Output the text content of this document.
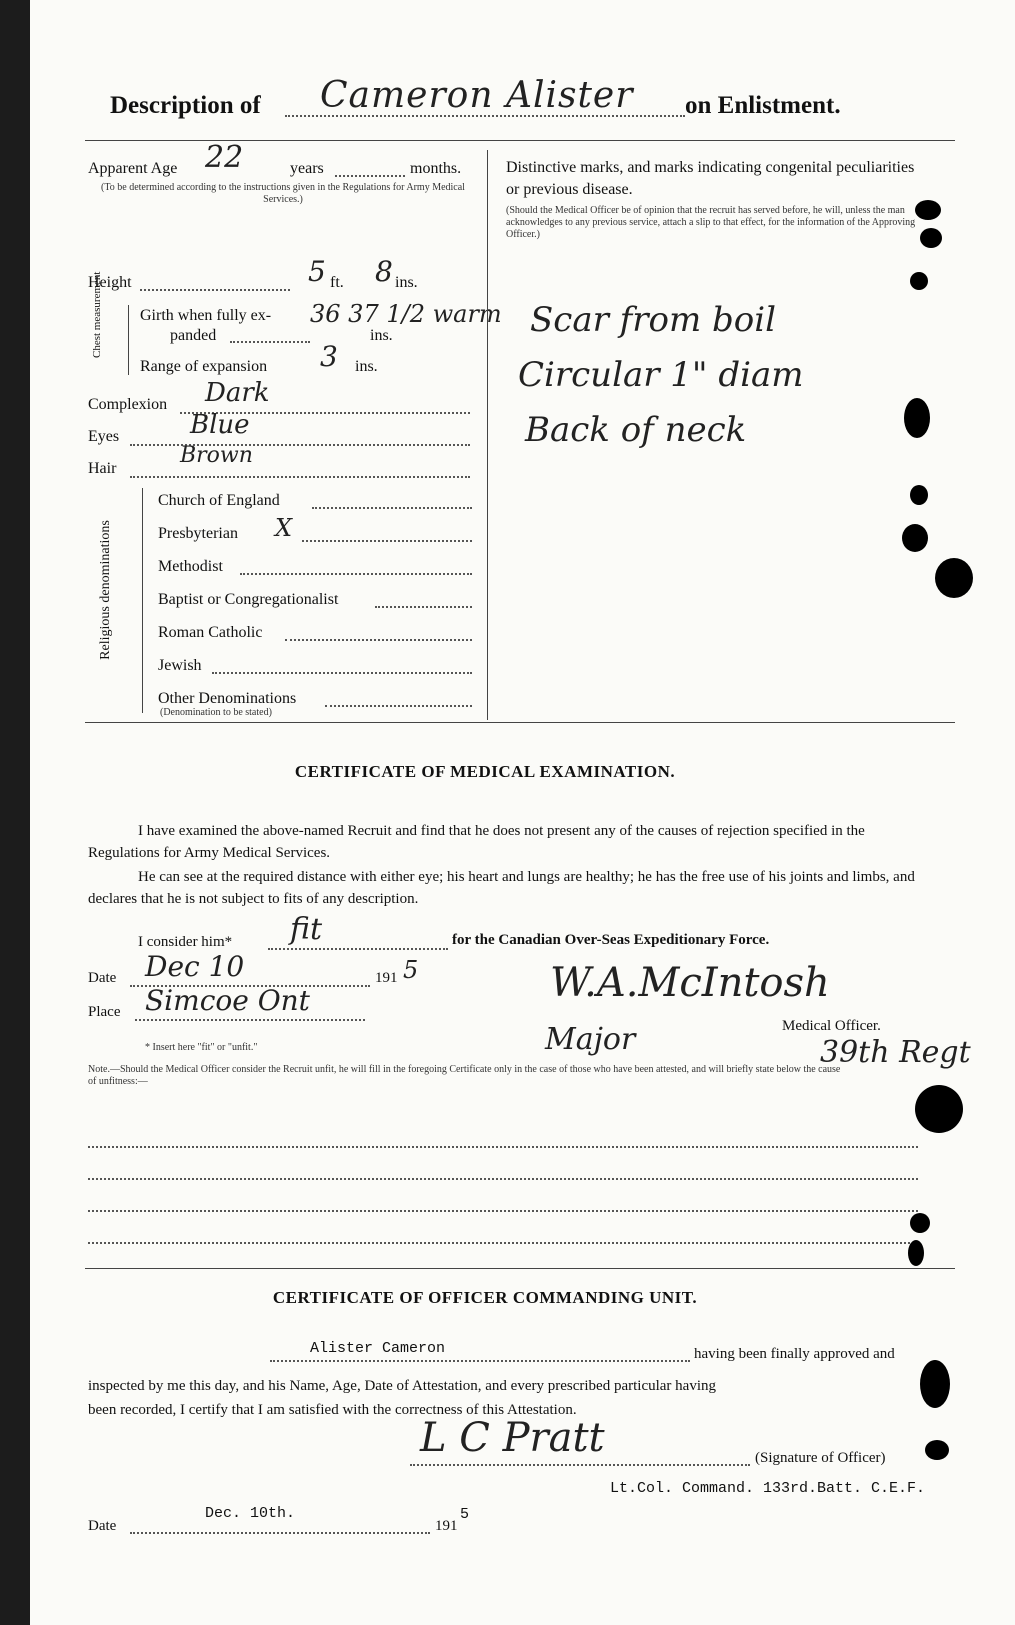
Description of Cameron Alister on Enlistment.
Apparent Age 22	years	months.
(To be determined according to the instructions given in the Regulations for Army Medical Services.)
Height	5 ft. 8 ins.
Chest measurement Girth when fully ex-
panded
36 37 1/2 warm
ins.
Range of expansion 3 ins.
Complexion Dark
Eyes	Blue
Hair
Brown
Religious denominations
Church of England
Presbyterian X
Methodist
Baptist or Congregationalist
Roman Catholic
Jewish
Other Denominations
(Denomination to be stated)
Distinctive marks, and marks indicating congenital peculiarities or previous disease.
(Should the Medical Officer be of opinion that the recruit has served before, he will, unless the man acknowledges to any previous service, attach a slip to that effect, for the information of the Approving Officer.)
Scar from boil
Circular 1" diam
Back of neck
CERTIFICATE OF MEDICAL EXAMINATION.
I have examined the above-named Recruit and find that he does not present any of the causes of rejection specified in the Regulations for Army Medical Services.
He can see at the required distance with either eye; his heart and lungs are healthy; he has the free use of his joints and limbs, and declares that he is not subject to fits of any description.
I consider him* fit	for the Canadian Over-Seas Expeditionary Force.
Date Dec 10	191 5
Place Simcoe Ont	W.A.McIntosh
Medical Officer.
Major	39th Regt
* Insert here "fit" or "unfit."
Note.—Should the Medical Officer consider the Recruit unfit, he will fill in the foregoing Certificate only in the case of those who have been attested, and will briefly state below the cause of unfitness:—
CERTIFICATE OF OFFICER COMMANDING UNIT.
Alister Cameron	having been finally approved and
inspected by me this day, and his Name, Age, Date of Attestation, and every prescribed particular having
been recorded, I certify that I am satisfied with the correctness of this Attestation.
L C Pratt	(Signature of Officer)
Lt.Col. Command. 133rd.Batt. C.E.F.
Date
Dec. 10th.
191
5
